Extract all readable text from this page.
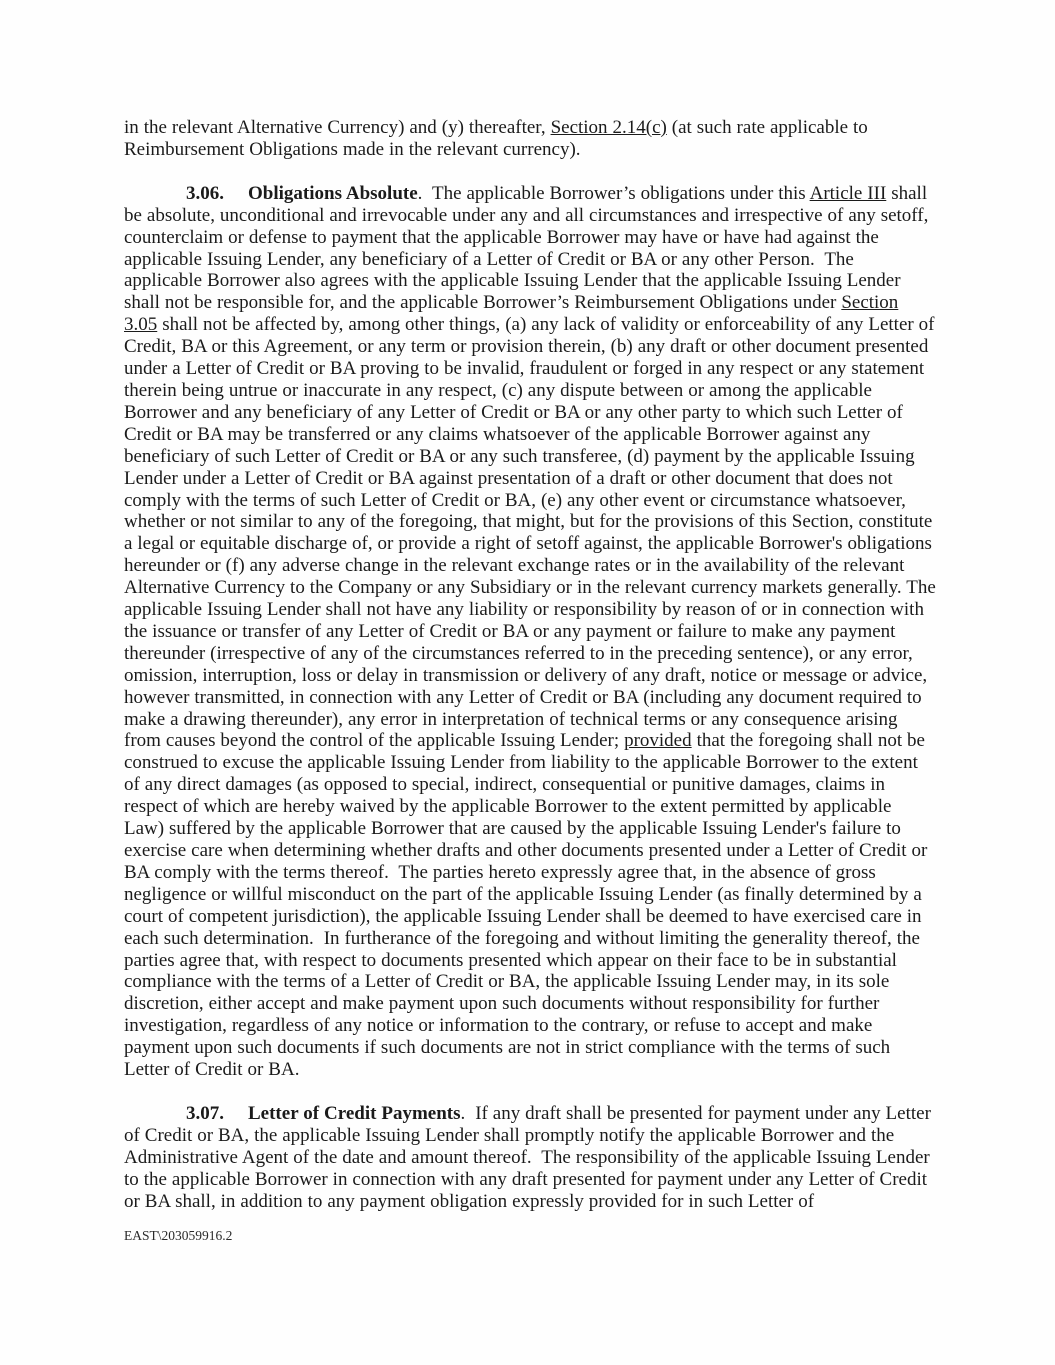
in the relevant Alternative Currency) and (y) thereafter, Section 2.14(c) (at such rate applicable to Reimbursement Obligations made in the relevant currency).

3.06. Obligations Absolute.  The applicable Borrower’s obligations under this Article III shall be absolute, unconditional and irrevocable under any and all circumstances and irrespective of any setoff, counterclaim or defense to payment that the applicable Borrower may have or have had against the applicable Issuing Lender, any beneficiary of a Letter of Credit or BA or any other Person.  The applicable Borrower also agrees with the applicable Issuing Lender that the applicable Issuing Lender shall not be responsible for, and the applicable Borrower’s Reimbursement Obligations under Section 3.05 shall not be affected by, among other things, (a) any lack of validity or enforceability of any Letter of Credit, BA or this Agreement, or any term or provision therein, (b) any draft or other document presented under a Letter of Credit or BA proving to be invalid, fraudulent or forged in any respect or any statement therein being untrue or inaccurate in any respect, (c) any dispute between or among the applicable Borrower and any beneficiary of any Letter of Credit or BA or any other party to which such Letter of Credit or BA may be transferred or any claims whatsoever of the applicable Borrower against any beneficiary of such Letter of Credit or BA or any such transferee, (d) payment by the applicable Issuing Lender under a Letter of Credit or BA against presentation of a draft or other document that does not comply with the terms of such Letter of Credit or BA, (e) any other event or circumstance whatsoever, whether or not similar to any of the foregoing, that might, but for the provisions of this Section, constitute a legal or equitable discharge of, or provide a right of setoff against, the applicable Borrower's obligations hereunder or (f) any adverse change in the relevant exchange rates or in the availability of the relevant Alternative Currency to the Company or any Subsidiary or in the relevant currency markets generally. The applicable Issuing Lender shall not have any liability or responsibility by reason of or in connection with the issuance or transfer of any Letter of Credit or BA or any payment or failure to make any payment thereunder (irrespective of any of the circumstances referred to in the preceding sentence), or any error, omission, interruption, loss or delay in transmission or delivery of any draft, notice or message or advice, however transmitted, in connection with any Letter of Credit or BA (including any document required to make a drawing thereunder), any error in interpretation of technical terms or any consequence arising from causes beyond the control of the applicable Issuing Lender; provided that the foregoing shall not be construed to excuse the applicable Issuing Lender from liability to the applicable Borrower to the extent of any direct damages (as opposed to special, indirect, consequential or punitive damages, claims in respect of which are hereby waived by the applicable Borrower to the extent permitted by applicable Law) suffered by the applicable Borrower that are caused by the applicable Issuing Lender's failure to exercise care when determining whether drafts and other documents presented under a Letter of Credit or BA comply with the terms thereof.  The parties hereto expressly agree that, in the absence of gross negligence or willful misconduct on the part of the applicable Issuing Lender (as finally determined by a court of competent jurisdiction), the applicable Issuing Lender shall be deemed to have exercised care in each such determination.  In furtherance of the foregoing and without limiting the generality thereof, the parties agree that, with respect to documents presented which appear on their face to be in substantial compliance with the terms of a Letter of Credit or BA, the applicable Issuing Lender may, in its sole discretion, either accept and make payment upon such documents without responsibility for further investigation, regardless of any notice or information to the contrary, or refuse to accept and make payment upon such documents if such documents are not in strict compliance with the terms of such Letter of Credit or BA.

3.07. Letter of Credit Payments.  If any draft shall be presented for payment under any Letter of Credit or BA, the applicable Issuing Lender shall promptly notify the applicable Borrower and the Administrative Agent of the date and amount thereof.  The responsibility of the applicable Issuing Lender to the applicable Borrower in connection with any draft presented for payment under any Letter of Credit or BA shall, in addition to any payment obligation expressly provided for in such Letter of

EAST\203059916.2
